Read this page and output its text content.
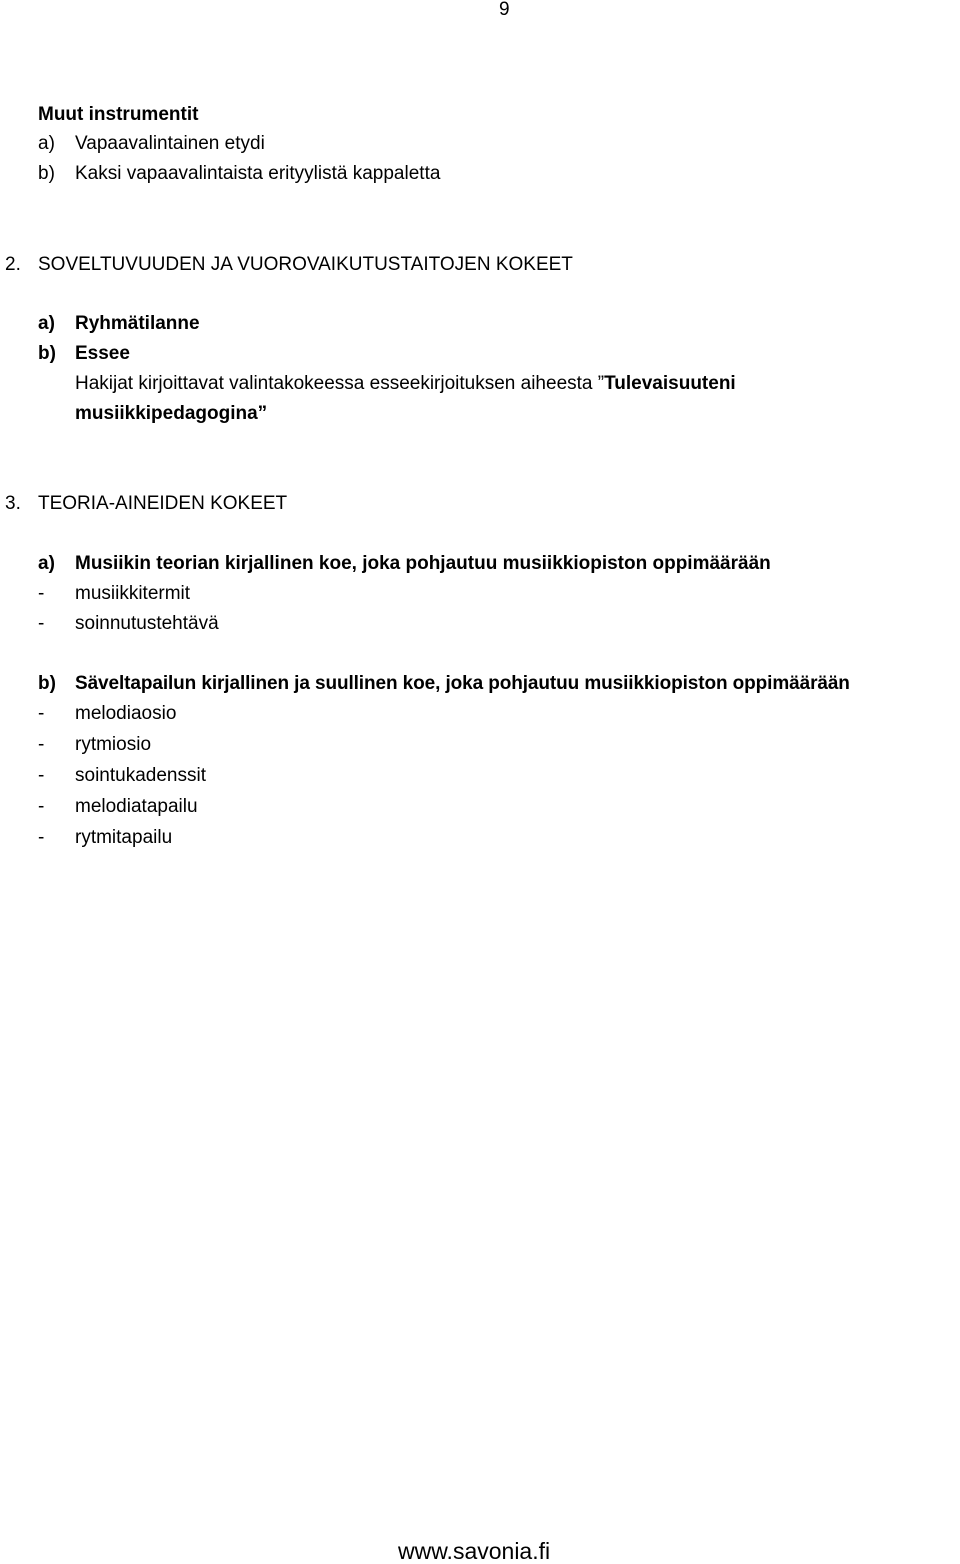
9
Muut instrumentit
a) Vapaavalintainen etydi
b) Kaksi vapaavalintaista erityylistä kappaletta
2. SOVELTUVUUDEN JA VUOROVAIKUTUSTAITOJEN KOKEET
a) Ryhmätilanne
b) Essee
Hakijat kirjoittavat valintakokeessa esseekirjoituksen aiheesta ”Tulevaisuuteni
musiikkipedagogina”
3. TEORIA-AINEIDEN KOKEET
a) Musiikin teorian kirjallinen koe, joka pohjautuu musiikkiopiston oppimäärään
- musiikkitermit
- soinnutustehtävä
b) Säveltapailun kirjallinen ja suullinen koe, joka pohjautuu musiikkiopiston oppimäärään
- melodiaosio
- rytmiosio
- sointukadenssit
- melodiatapailu
- rytmitapailu
www.savonia.fi
